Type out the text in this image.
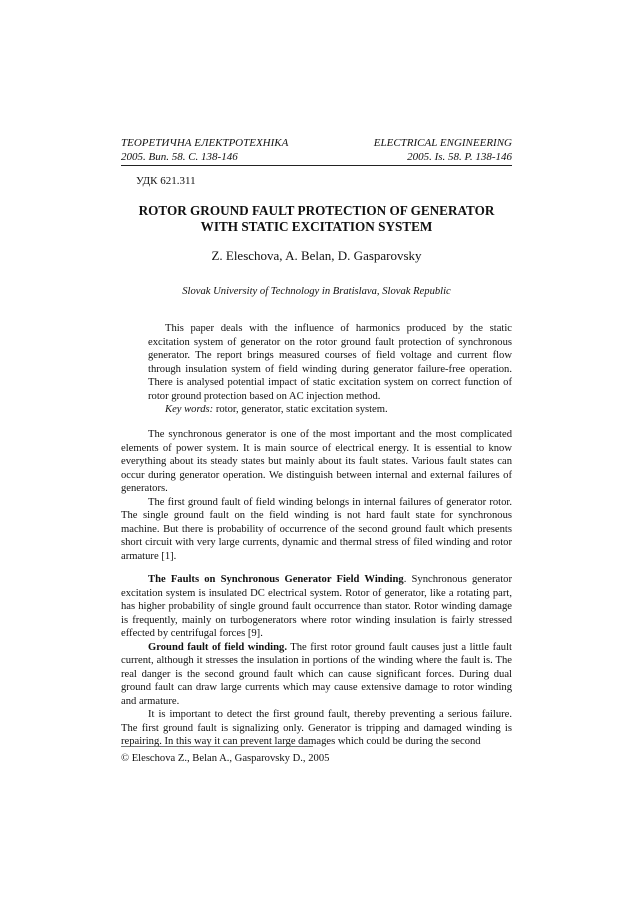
ТЕОРЕТИЧНА ЕЛЕКТРОТЕХНІКА	ELECTRICAL ENGINEERING
2005. Вип. 58. С. 138-146	2005. Is. 58. P. 138-146
УДК 621.311
ROTOR GROUND FAULT PROTECTION OF GENERATOR
WITH STATIC EXCITATION SYSTEM
Z. Eleschova, A. Belan, D. Gasparovsky
Slovak University of Technology in Bratislava, Slovak Republic

This paper deals with the influence of harmonics produced by the static excitation system of generator on the rotor ground fault protection of synchronous generator. The report brings measured courses of field voltage and current flow through insulation system of field winding during generator failure-free operation. There is analysed potential impact of static excitation system on correct function of rotor ground protection based on AC injection method.

Key words: rotor, generator, static excitation system.

The synchronous generator is one of the most important and the most complicated elements of power system. It is main source of electrical energy. It is essential to know everything about its steady states but mainly about its fault states. Various fault states can occur during generator operation. We distinguish between internal and external failures of generators.

The first ground fault of field winding belongs in internal failures of generator rotor. The single ground fault on the field winding is not hard fault state for synchronous machine. But there is probability of occurrence of the second ground fault which presents short circuit with very large currents, dynamic and thermal stress of filed winding and rotor armature [1].

The Faults on Synchronous Generator Field Winding. Synchronous generator excitation system is insulated DC electrical system. Rotor of generator, like a rotating part, has higher probability of single ground fault occurrence than stator. Rotor winding damage is frequently, mainly on turbogenerators where rotor winding insulation is fairly stressed effected by centrifugal forces [9].

Ground fault of field winding. The first rotor ground fault causes just a little fault current, although it stresses the insulation in portions of the winding where the fault is. The real danger is the second ground fault which can cause significant forces. During dual ground fault can draw large currents which may cause extensive damage to rotor winding and armature.

It is important to detect the first ground fault, thereby preventing a serious failure. The first ground fault is signalizing only. Generator is tripping and damaged winding is repairing. In this way it can prevent large damages which could be during the second

© Eleschova Z., Belan A., Gasparovsky D., 2005
